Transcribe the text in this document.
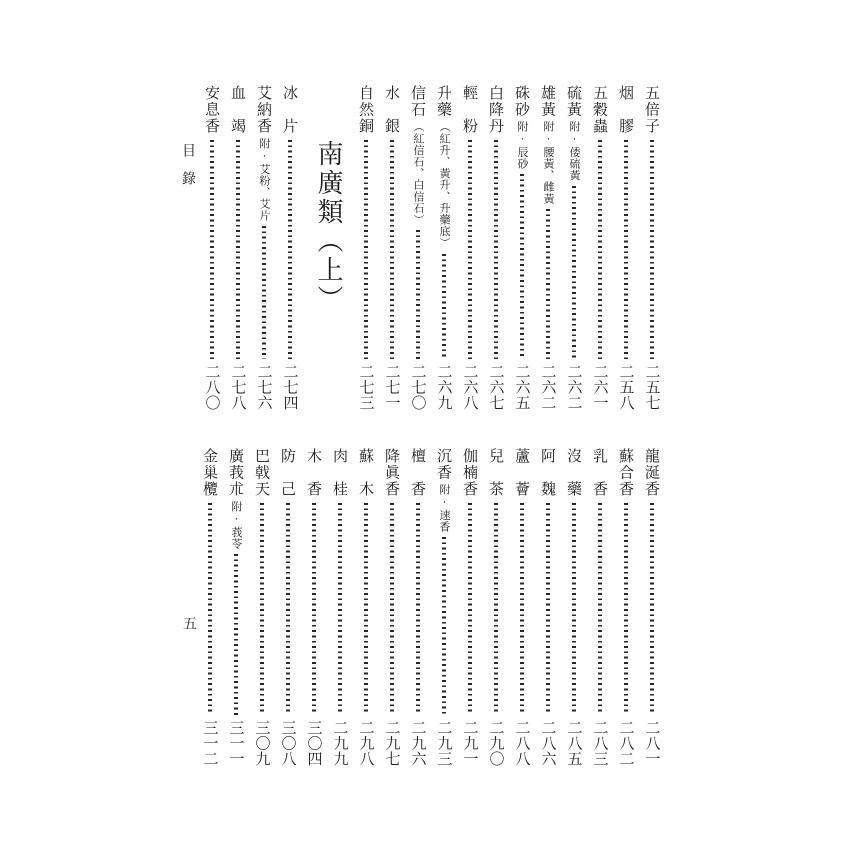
目　錄
五倍子
二五七
烟　膠
二五八
五穀蟲
二六一
硫黃附·倭硫黃
二六二
雄黃附·腰黃、雌黃
二六二
硃砂附·辰砂
二六五
白降丹
二六七
輕　粉
二六八
升藥︵紅升、黃升、升藥底︶
二六九
信石︵紅信石、白信石︶
二七〇
水　銀
二七一
自然銅
二七三
南廣類︵上︶
冰　片
二七四
艾納香附·艾粉、艾片
二七六
血　竭
二七八
安息香
二八〇
龍涎香
二八一
蘇合香
二八二
乳　香
二八三
沒　藥
二八五
阿　魏
二八六
蘆　薈
二八八
兒　茶
二九〇
伽楠香
二九一
沉香附·速香
二九三
檀　香
二九六
降眞香
二九七
蘇　木
二九八
肉　桂
二九九
木　香
三〇四
防　己
三〇八
巴戟天
三〇九
廣莪朮附·莪苓
三一一
金巢欖
三一二
五
